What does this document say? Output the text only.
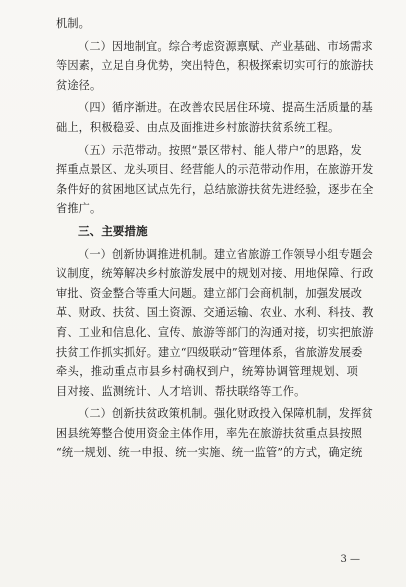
机制。
（二）因地制宜。综合考虑资源禀赋、产业基础、市场需求
等因素，立足自身优势，突出特色，积极探索切实可行的旅游扶
贫途径。
（四）循序渐进。在改善农民居住环境、提高生活质量的基
础上，积极稳妥、由点及面推进乡村旅游扶贫系统工程。
（五）示范带动。按照“景区带村、能人带户”的思路，发
挥重点景区、龙头项目、经营能人的示范带动作用，在旅游开发
条件好的贫困地区试点先行，总结旅游扶贫先进经验，逐步在全
省推广。
三、主要措施
（一）创新协调推进机制。建立省旅游工作领导小组专题会
议制度，统筹解决乡村旅游发展中的规划对接、用地保障、行政
审批、资金整合等重大问题。建立部门会商机制，加强发展改
革、财政、扶贫、国土资源、交通运输、农业、水利、科技、教
育、工业和信息化、宣传、旅游等部门的沟通对接，切实把旅游
扶贫工作抓实抓好。建立“四级联动”管理体系，省旅游发展委
牵头，推动重点市县乡村确权到户，统筹协调管理规划、项
目对接、监测统计、人才培训、帮扶联络等工作。
（二）创新扶贫政策机制。强化财政投入保障机制，发挥贫
困县统筹整合使用资金主体作用，率先在旅游扶贫重点县按照
“统一规划、统一申报、统一实施、统一监管”的方式，确定统
3 —
